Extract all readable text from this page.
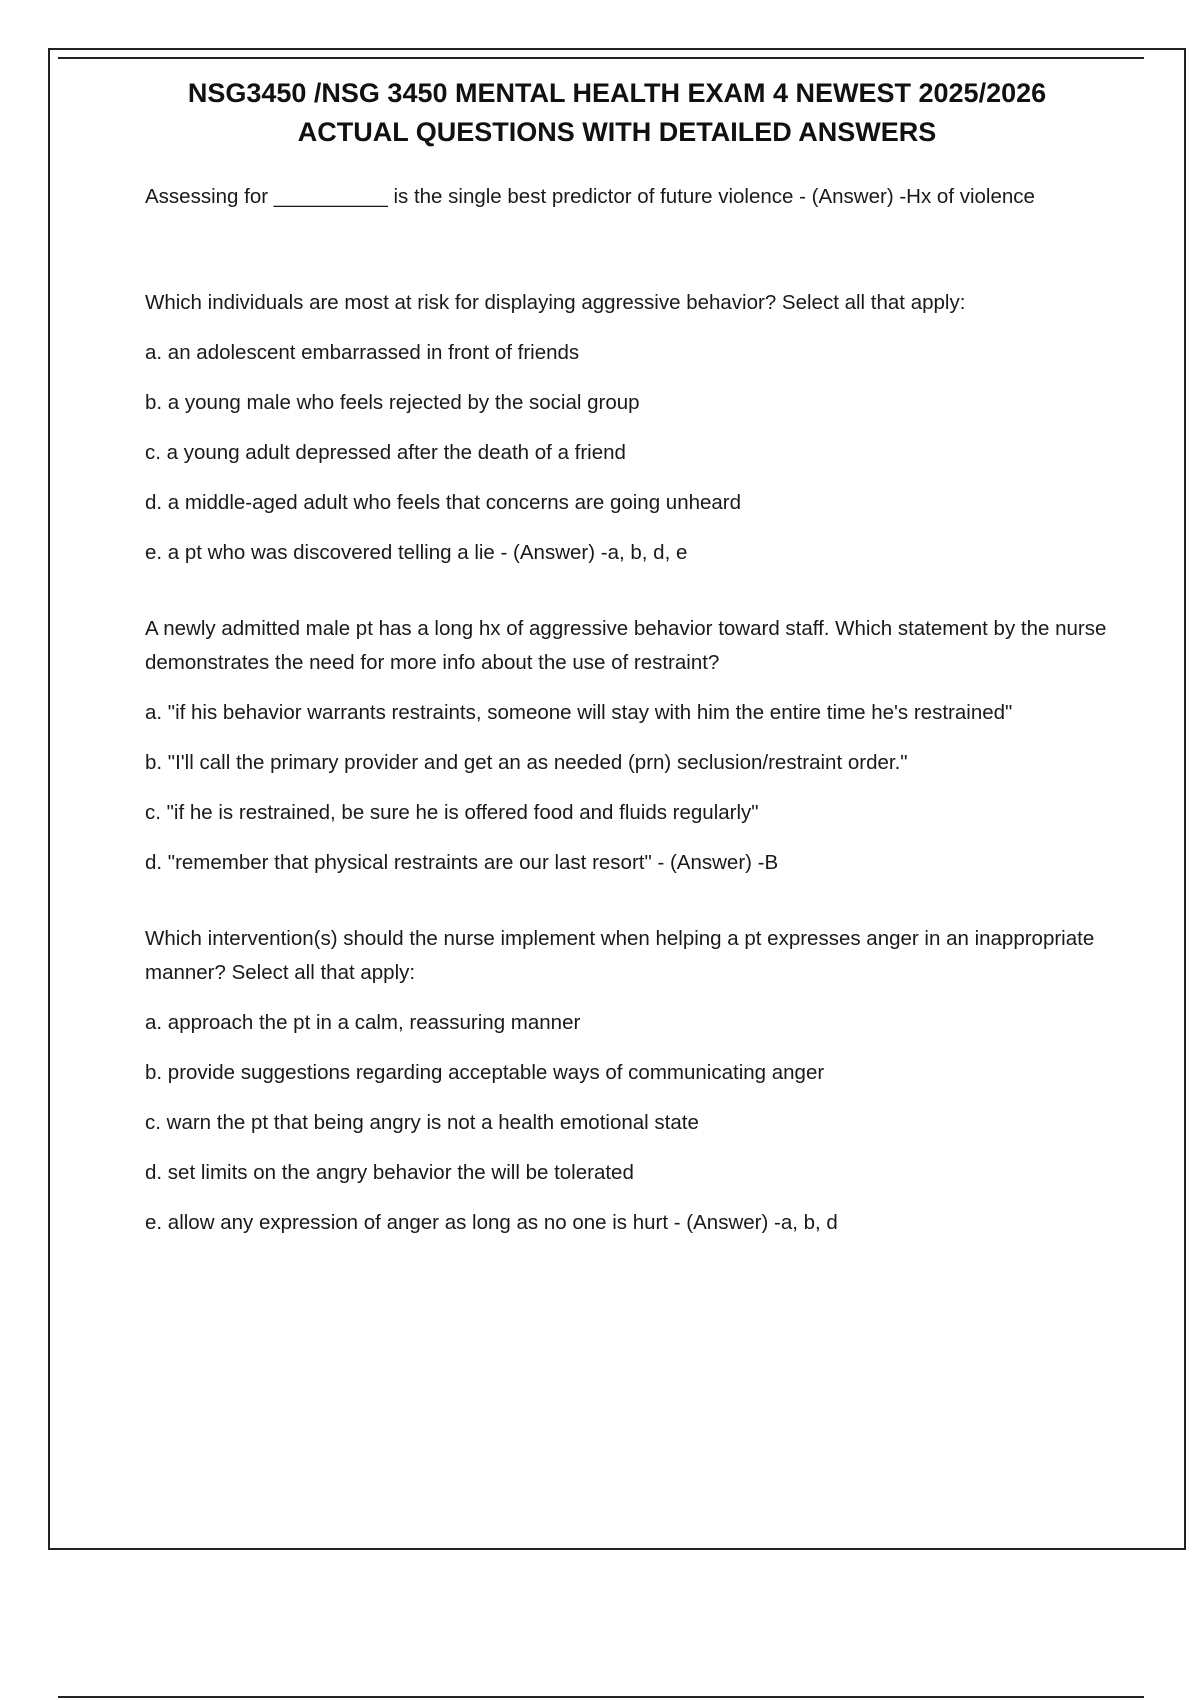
NSG3450 /NSG 3450 MENTAL HEALTH EXAM 4 NEWEST 2025/2026
ACTUAL QUESTIONS WITH DETAILED ANSWERS

Assessing for __________ is the single best predictor of future violence - (Answer) -Hx of violence

Which individuals are most at risk for displaying aggressive behavior? Select all that apply:

a. an adolescent embarrassed in front of friends

b. a young male who feels rejected by the social group

c. a young adult depressed after the death of a friend

d. a middle-aged adult who feels that concerns are going unheard

e. a pt who was discovered telling a lie - (Answer) -a, b, d, e

A newly admitted male pt has a long hx of aggressive behavior toward staff. Which statement by the nurse demonstrates the need for more info about the use of restraint?

a. "if his behavior warrants restraints, someone will stay with him the entire time he's restrained"

b. "I'll call the primary provider and get an as needed (prn) seclusion/restraint order."

c. "if he is restrained, be sure he is offered food and fluids regularly"

d. "remember that physical restraints are our last resort" - (Answer) -B

Which intervention(s) should the nurse implement when helping a pt expresses anger in an inappropriate manner? Select all that apply:

a. approach the pt in a calm, reassuring manner

b. provide suggestions regarding acceptable ways of communicating anger

c. warn the pt that being angry is not a health emotional state

d. set limits on the angry behavior the will be tolerated

e. allow any expression of anger as long as no one is hurt - (Answer) -a, b, d
